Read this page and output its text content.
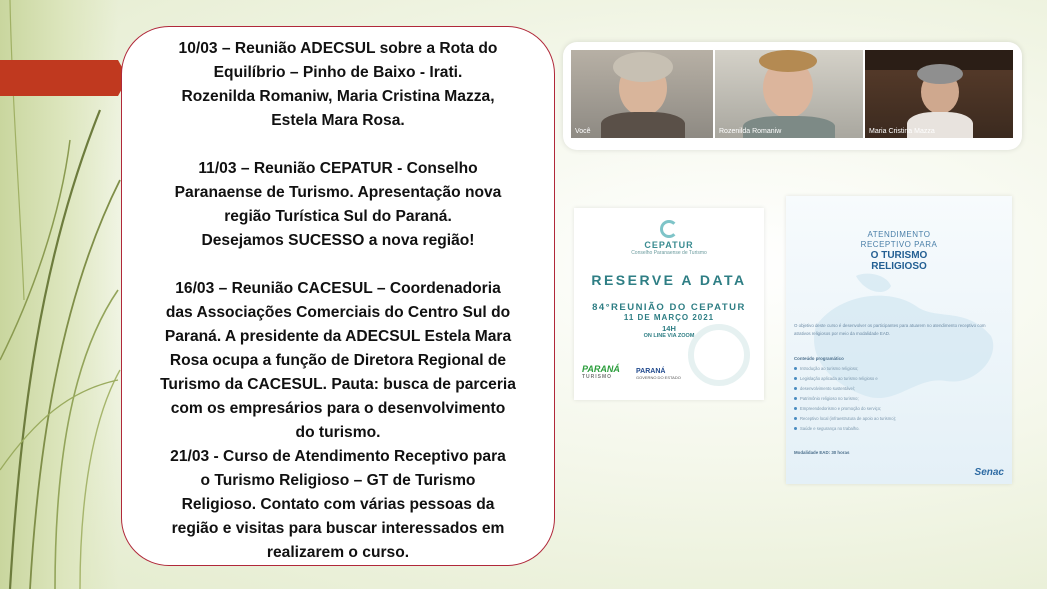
10/03 – Reunião ADECSUL sobre a Rota do

Equilíbrio – Pinho de Baixo - Irati.

Rozenilda Romaniw, Maria Cristina Mazza,

Estela Mara Rosa.

11/03 – Reunião CEPATUR - Conselho

Paranaense de Turismo. Apresentação nova

região Turística Sul do Paraná.

Desejamos SUCESSO a nova região!

16/03 – Reunião CACESUL – Coordenadoria

das Associações Comerciais do Centro Sul do

Paraná. A presidente da ADECSUL Estela Mara

Rosa ocupa a função de Diretora Regional de

Turismo da CACESUL. Pauta: busca de parceria

com os empresários para o desenvolvimento

do turismo.

21/03 - Curso de Atendimento Receptivo para

o Turismo Religioso – GT de Turismo

Religioso. Contato com várias pessoas da

região e visitas para buscar interessados em

realizarem o curso.

Você	Rozenilda Romaniw	Maria Cristina Mazza
CEPATUR
Conselho Paranaense de Turismo
RESERVE A DATA
84°REUNIÃO DO CEPATUR
11 DE MARÇO 2021
14H
ON LINE VIA ZOOM
PARANÁ
TURISMO
PARANÁ
GOVERNO DO ESTADO
ATENDIMENTO
RECEPTIVO PARA
O TURISMO
RELIGIOSO
O objetivo deste curso é desenvolver os participantes para atuarem no atendimento receptivo com atrativos religiosos por meio da modalidade EAD.
Conteúdo programático
Introdução ao turismo religioso;
Legislação aplicada ao turismo religioso e
desenvolvimento sustentável;
Patrimônio religioso no turismo;
Empreendedorismo e promoção do serviço;
Receptivo local (infraestrutura de apoio ao turismo);
Saúde e segurança no trabalho.
Modalidade EAD: 30 horas
Senac
